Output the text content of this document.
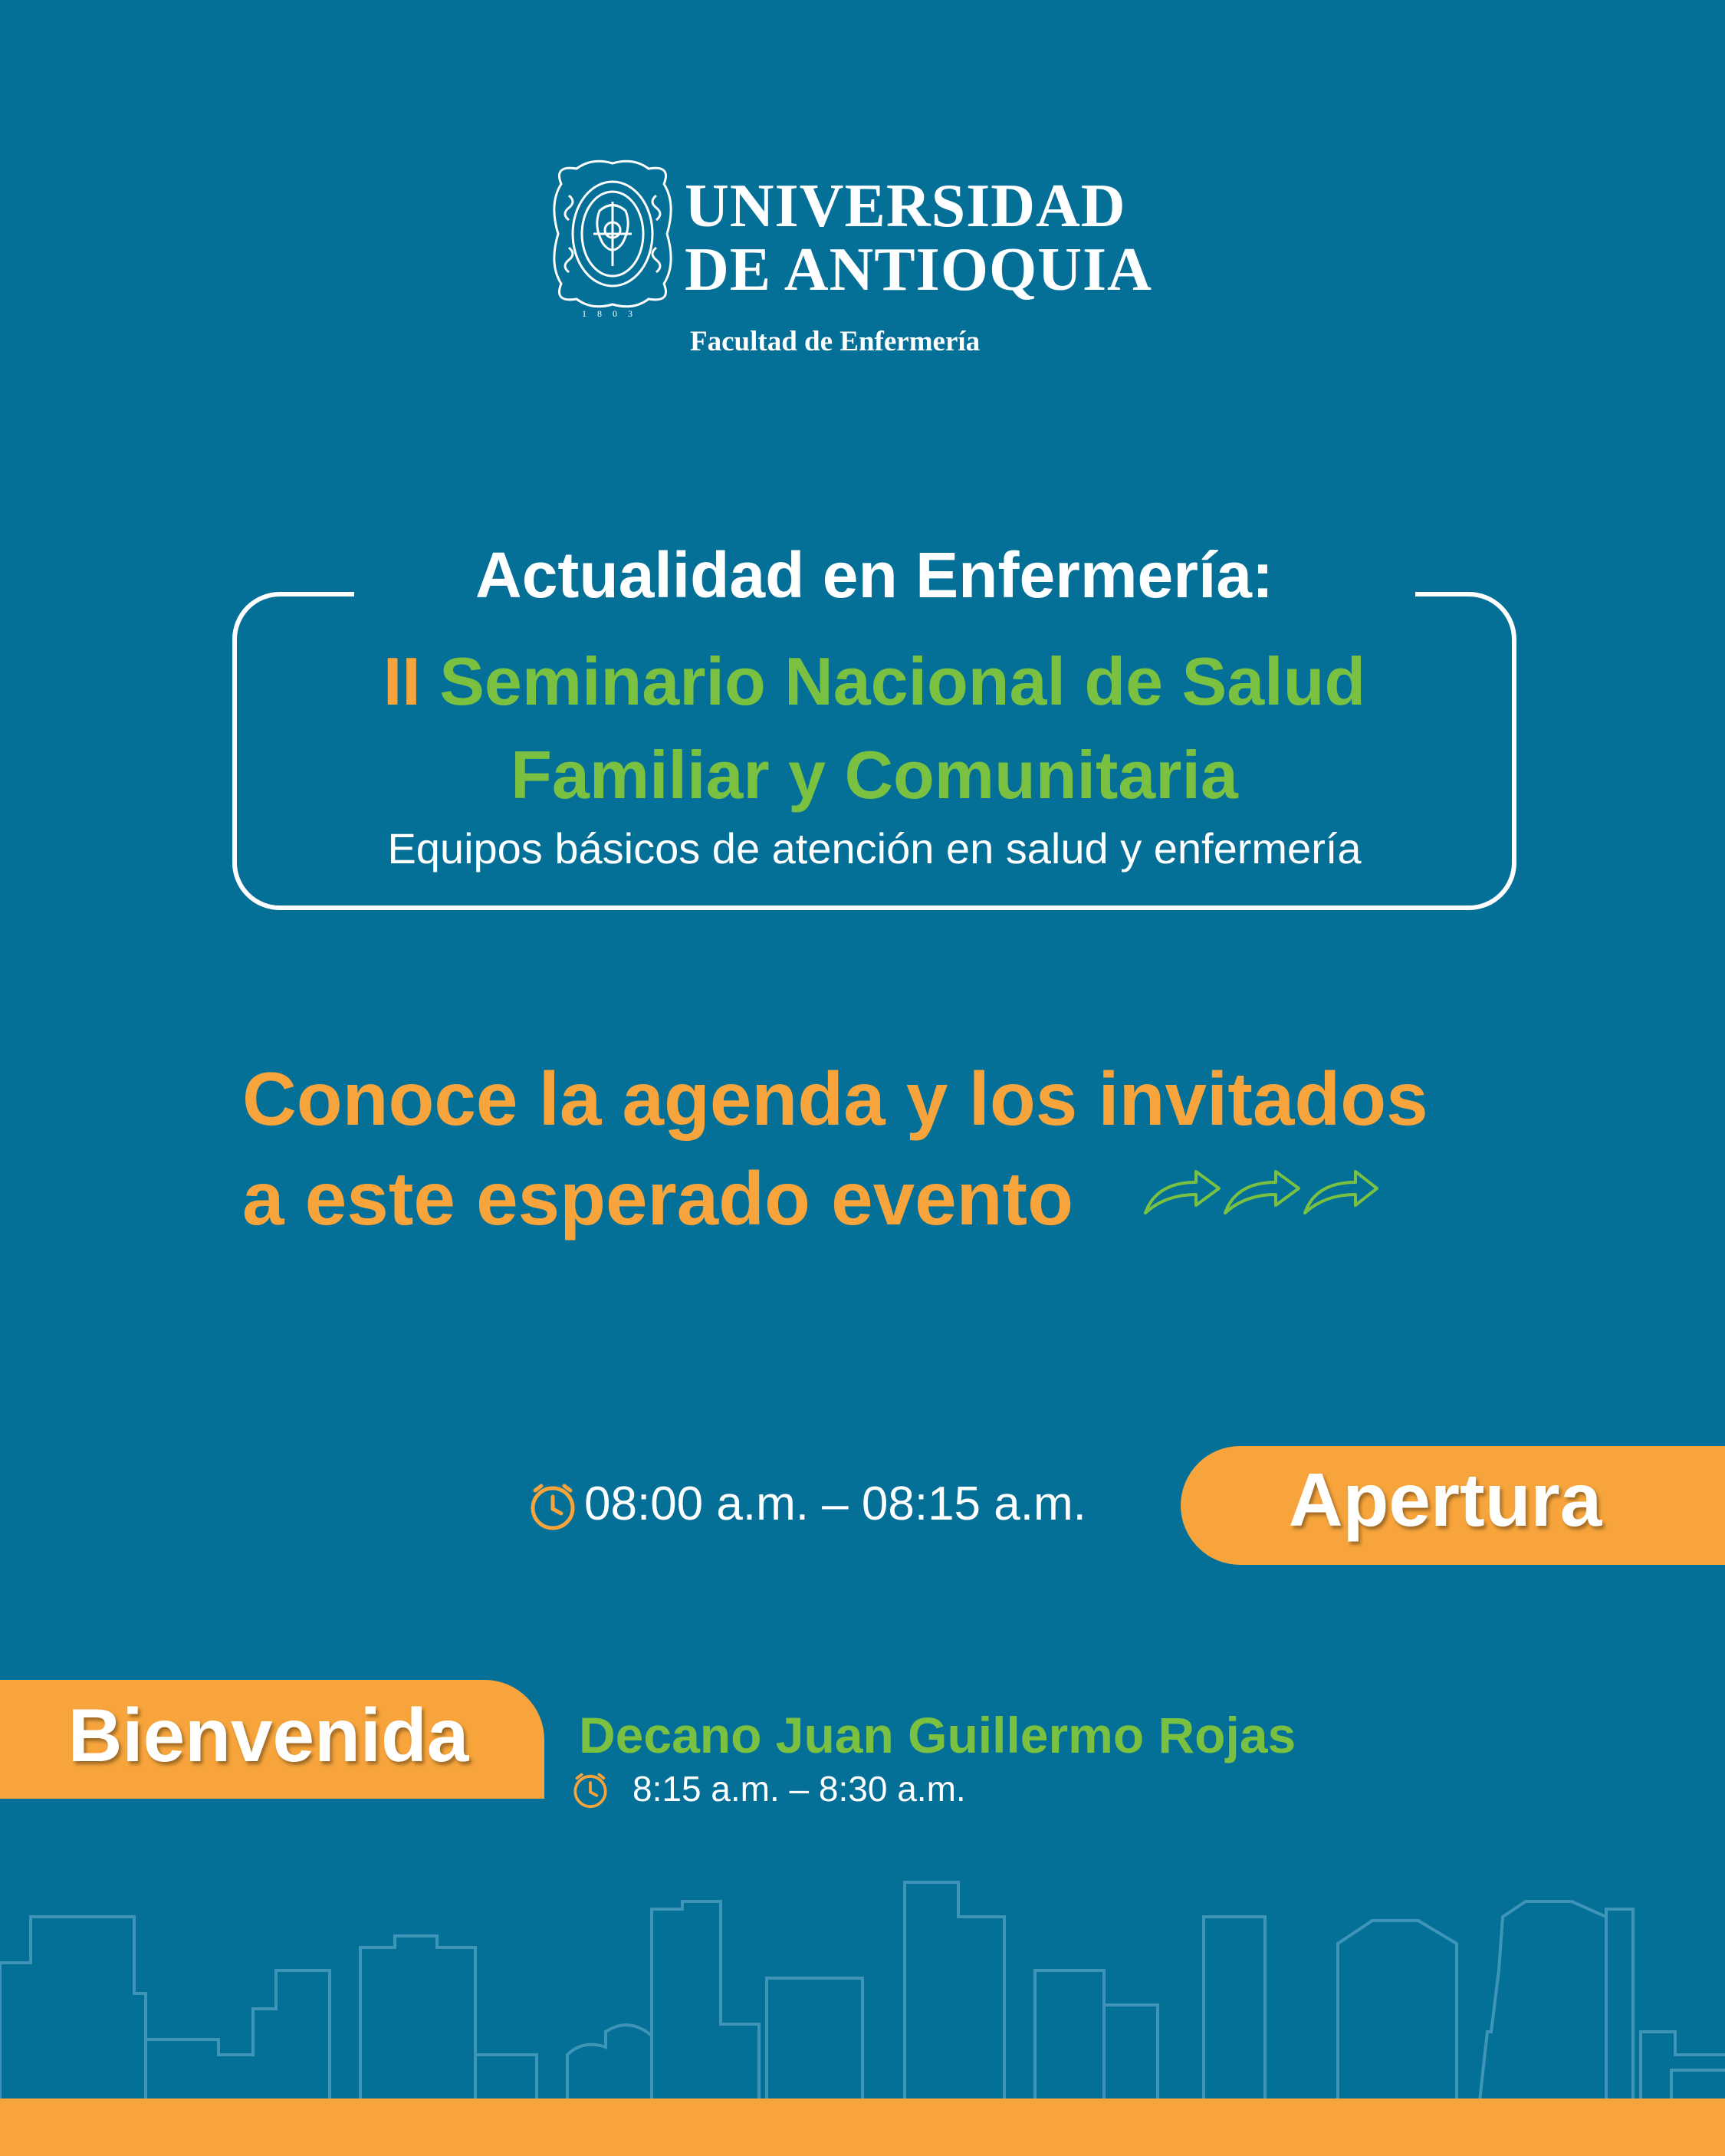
1803
UNIVERSIDAD
DE ANTIOQUIA
Facultad de Enfermería
Actualidad en Enfermería:
II Seminario Nacional de Salud
Familiar y Comunitaria
Equipos básicos de atención en salud y enfermería
Conoce la agenda y los invitados
a este esperado evento
08:00 a.m. – 08:15 a.m.	Apertura
Bienvenida	Decano Juan Guillermo Rojas
8:15 a.m. – 8:30 a.m.
